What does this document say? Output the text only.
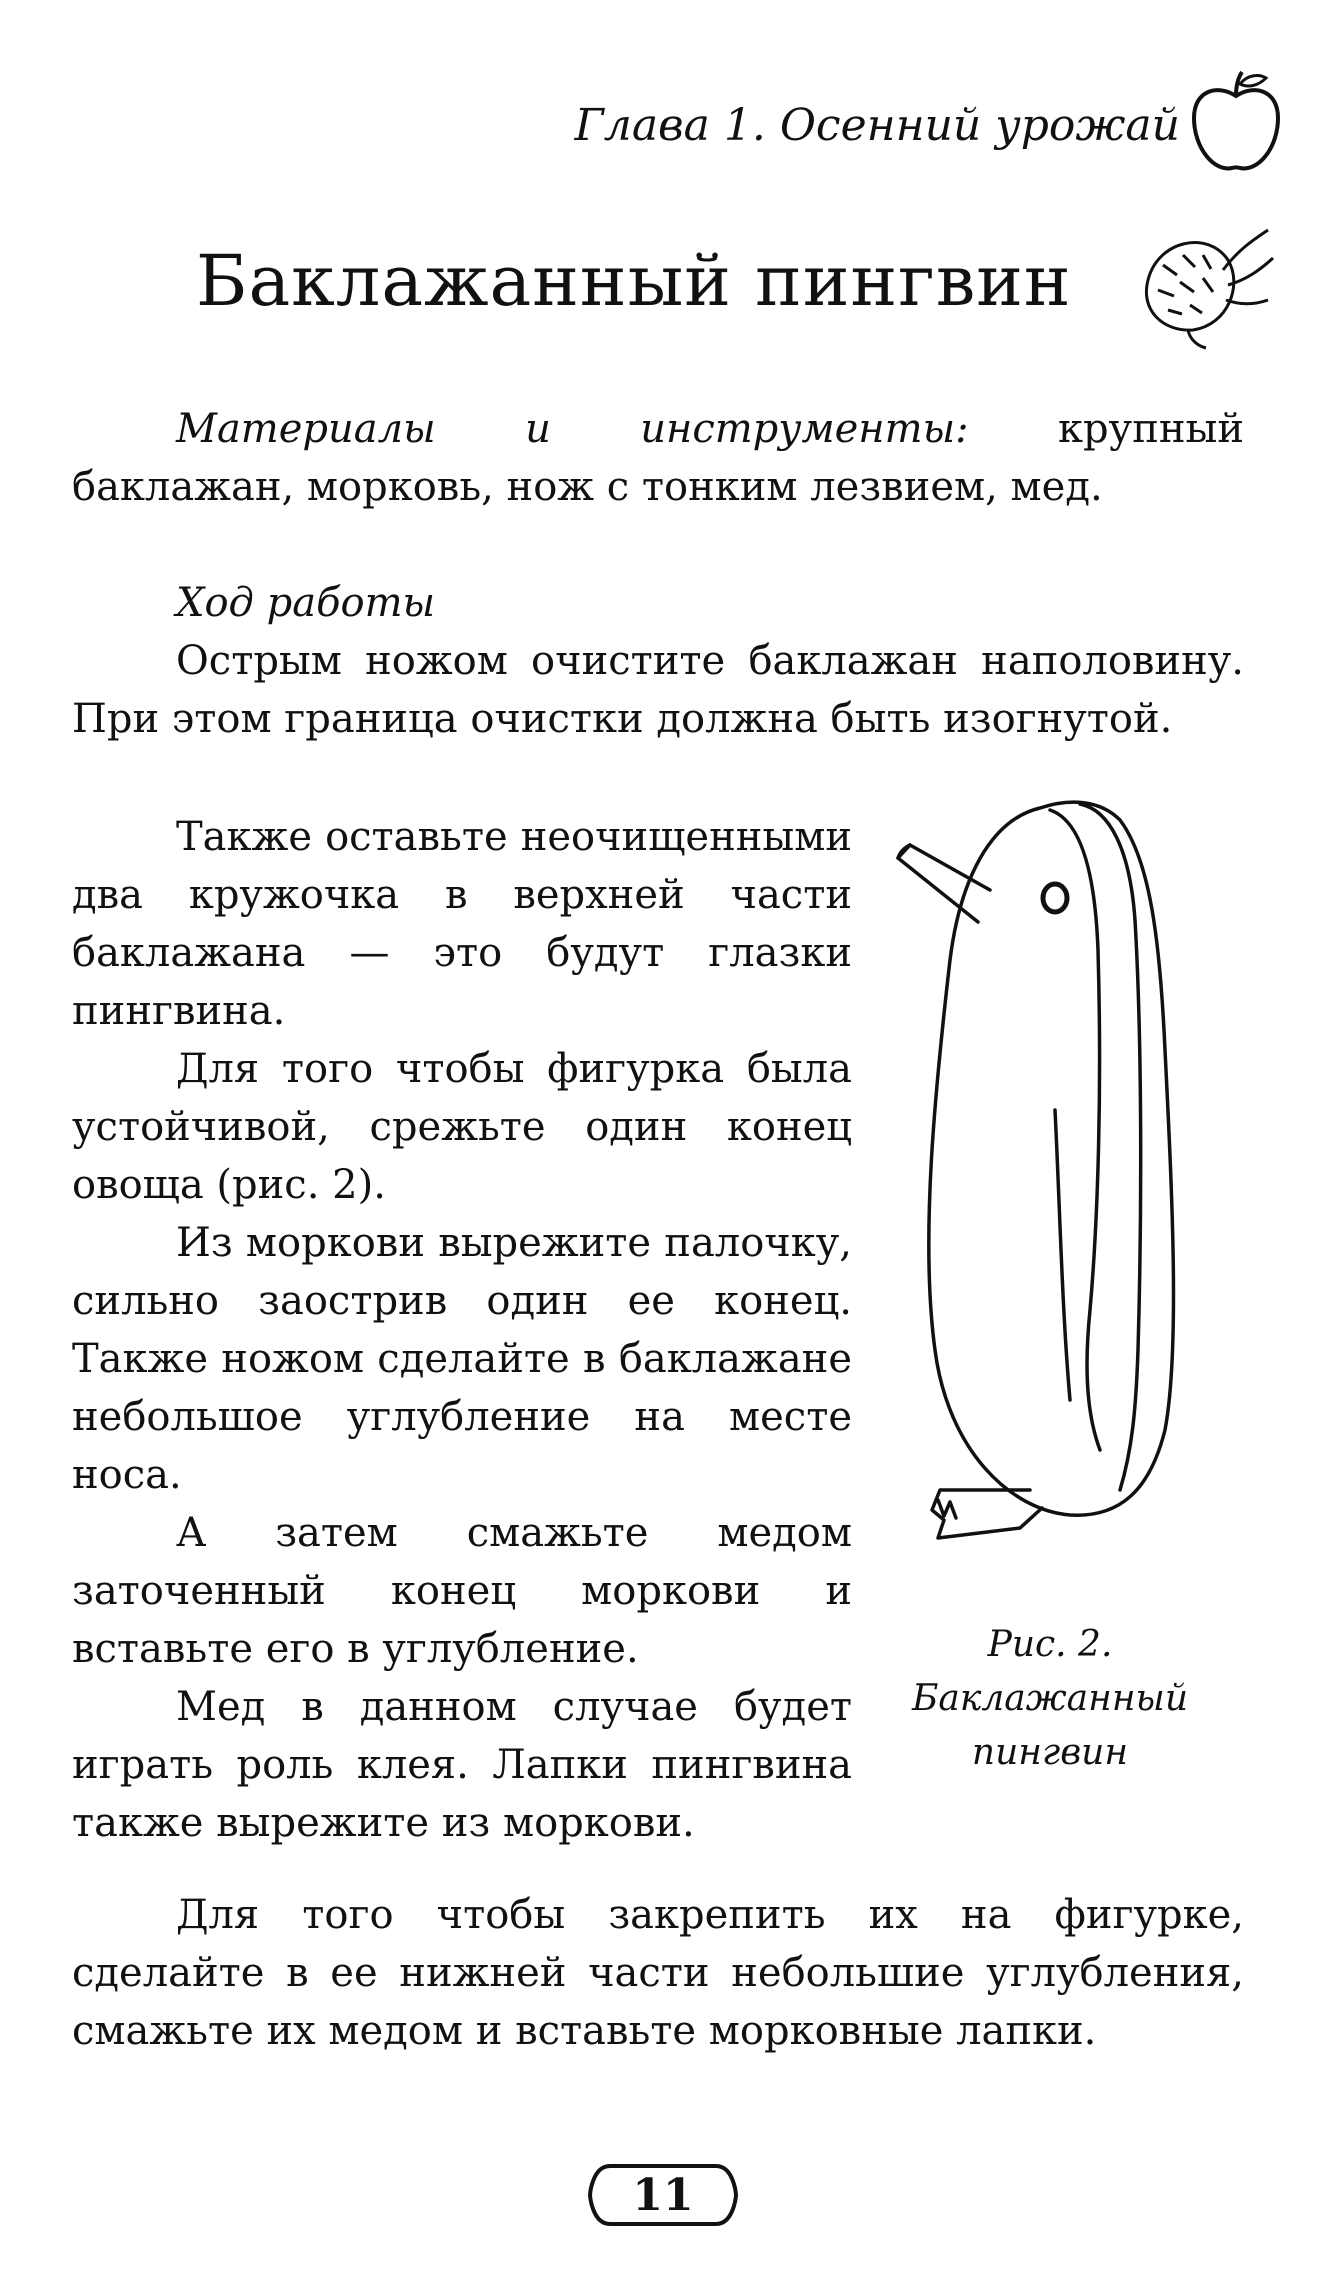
Глава 1. Осенний урожай
Баклажанный пингвин

Материалы и инструменты: крупный баклажан, морковь, нож с тонким лезвием, мед.

Ход работы

Острым ножом очистите баклажан наполовину. При этом граница очистки должна быть изогнутой.

Также оставьте неочищенными два кружочка в верхней части баклажана — это будут глазки пингвина.

Для того чтобы фигурка была устойчивой, срежьте один конец овоща (рис. 2).

Из моркови вырежите палочку, сильно заострив один ее конец. Также ножом сделайте в баклажане небольшое углубление на месте носа.

А затем смажьте медом заточенный конец моркови и вставьте его в углубление.

Мед в данном случае будет играть роль клея. Лапки пингвина также вырежите из моркови.

Рис. 2.
Баклажанный
пингвин

Для того чтобы закрепить их на фигурке, сделайте в ее нижней части небольшие углубления, смажьте их медом и вставьте морковные лапки.

11
